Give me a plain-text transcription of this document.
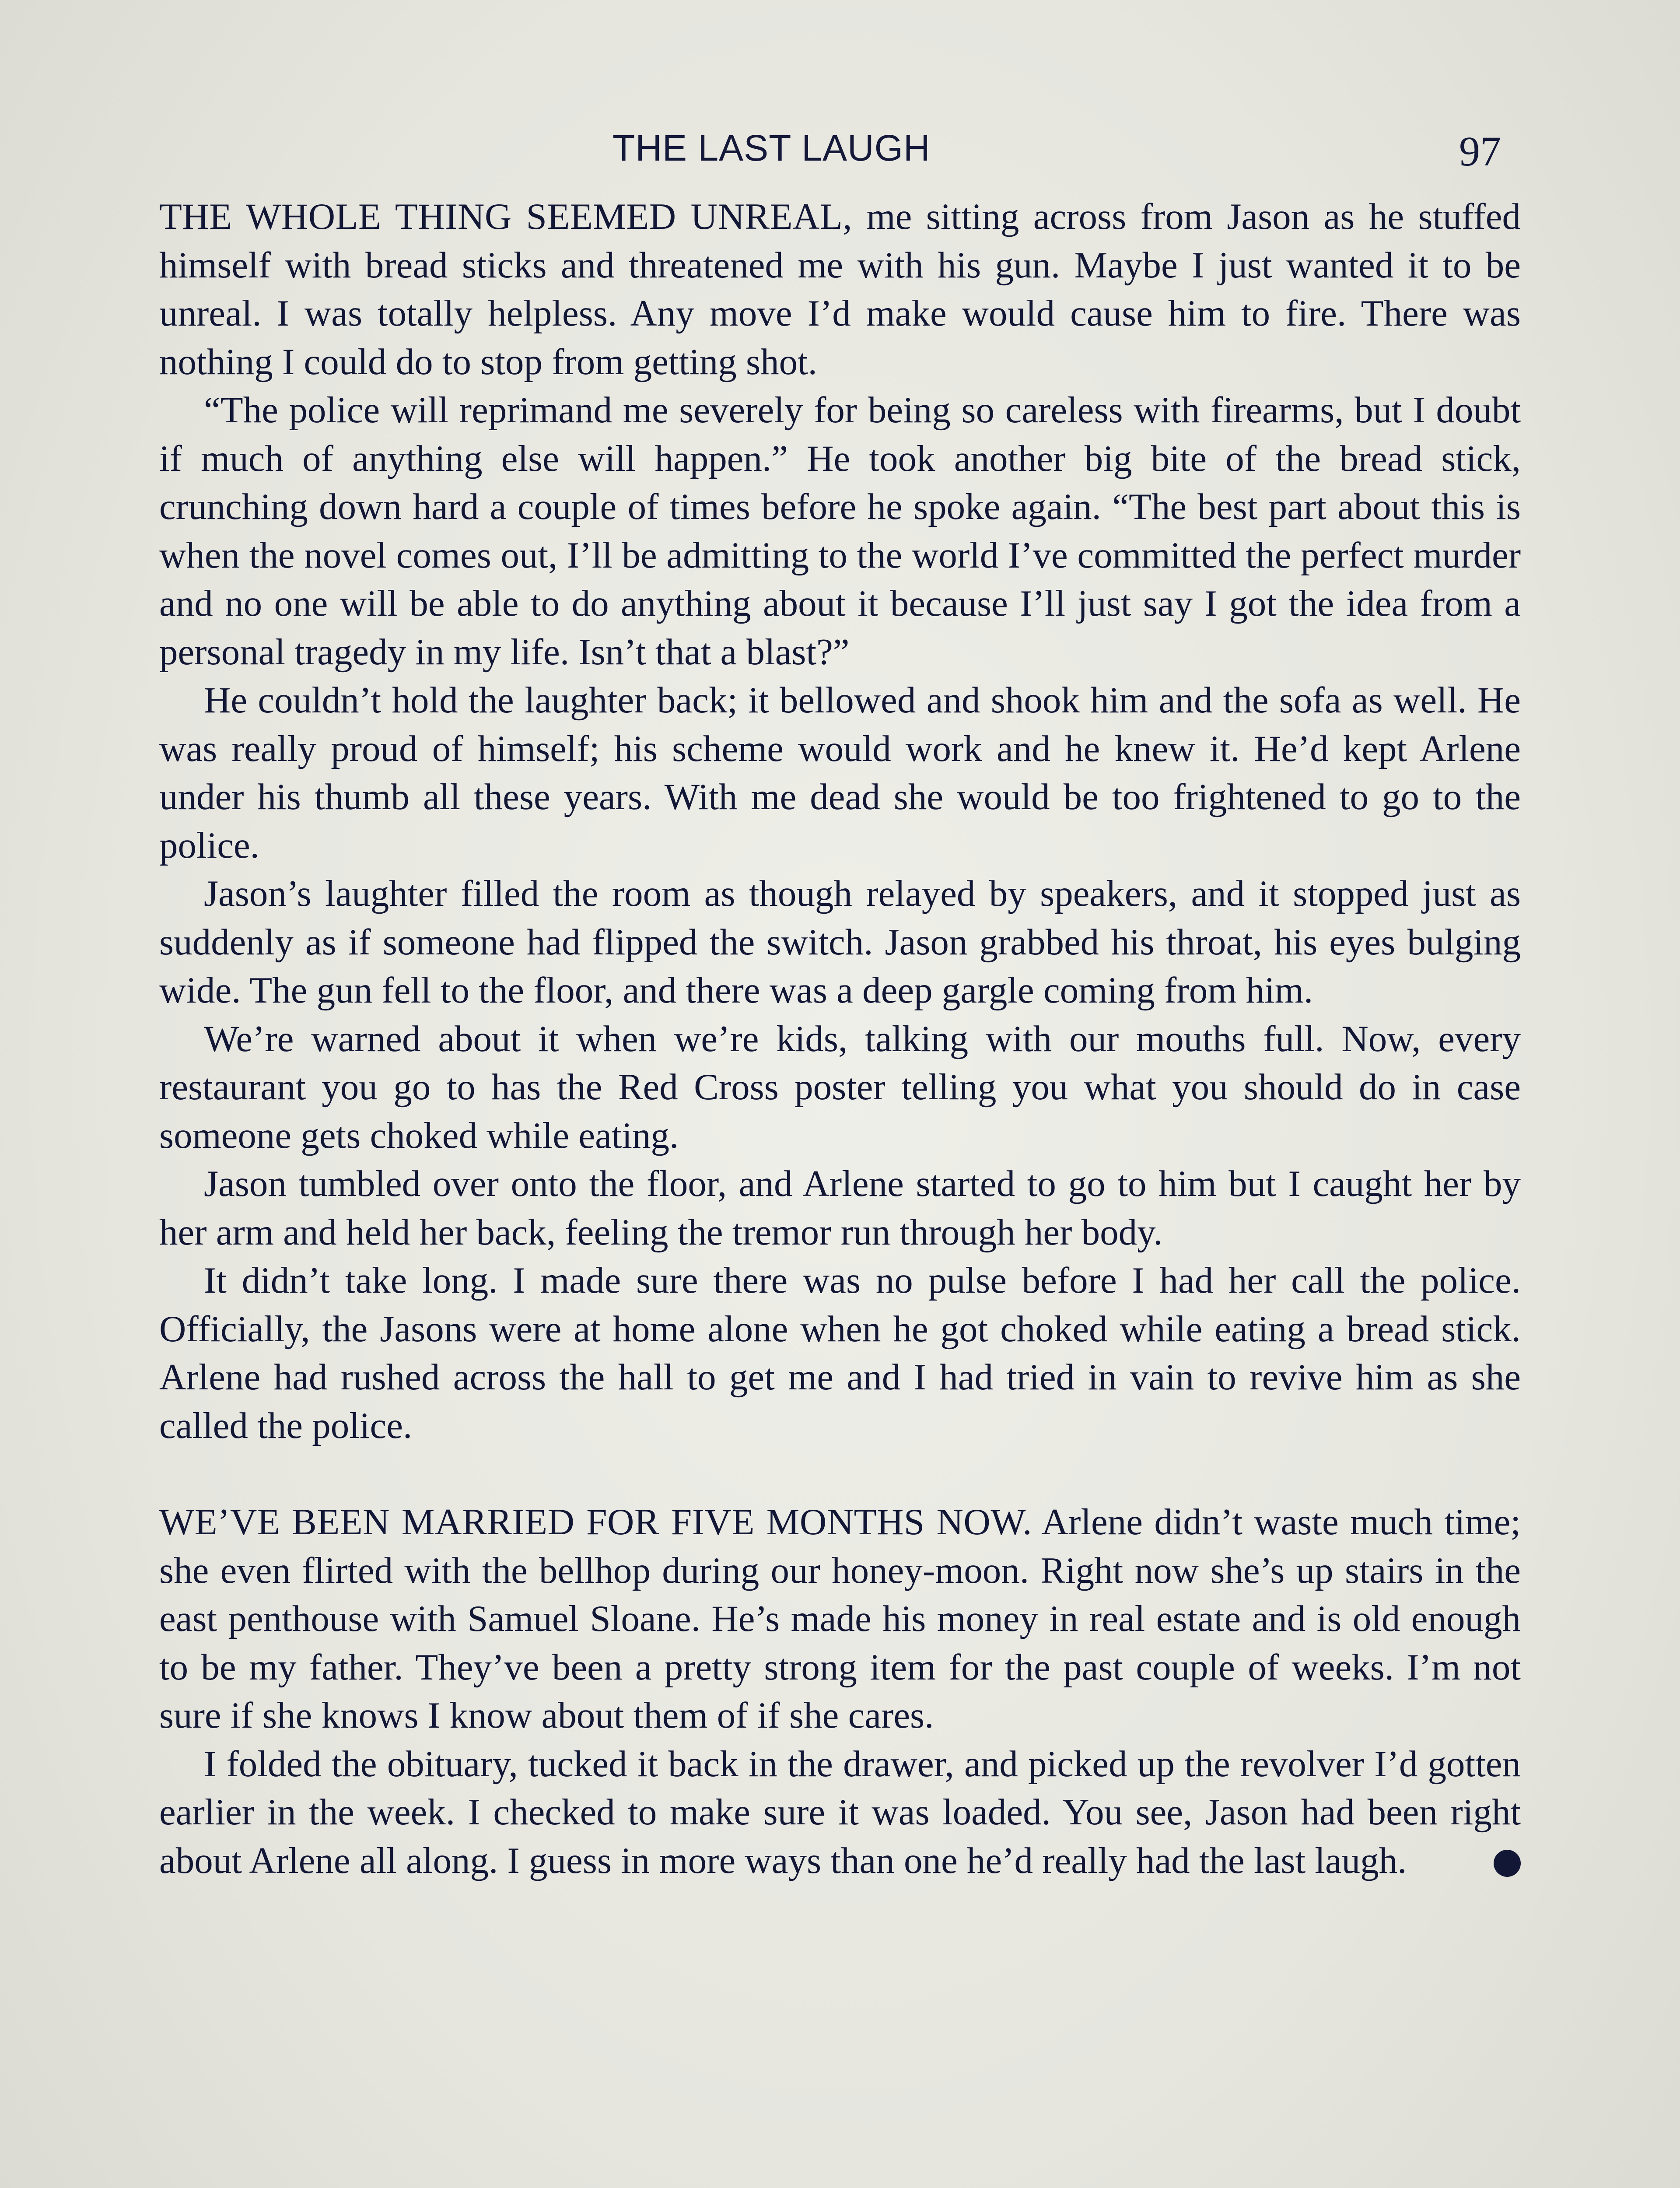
THE LAST LAUGH	97

THE WHOLE THING SEEMED UNREAL, me sitting across from Jason as he stuffed himself with bread sticks and threatened me with his gun. Maybe I just wanted it to be unreal. I was totally helpless. Any move I’d make would cause him to fire. There was nothing I could do to stop from getting shot.

“The police will reprimand me severely for being so careless with firearms, but I doubt if much of anything else will happen.” He took another big bite of the bread stick, crunching down hard a couple of times before he spoke again. “The best part about this is when the novel comes out, I’ll be admitting to the world I’ve committed the perfect murder and no one will be able to do anything about it because I’ll just say I got the idea from a personal tragedy in my life. Isn’t that a blast?”

He couldn’t hold the laughter back; it bellowed and shook him and the sofa as well. He was really proud of himself; his scheme would work and he knew it. He’d kept Arlene under his thumb all these years. With me dead she would be too frightened to go to the police.

Jason’s laughter filled the room as though relayed by speakers, and it stopped just as suddenly as if someone had flipped the switch. Jason grabbed his throat, his eyes bulging wide. The gun fell to the floor, and there was a deep gargle coming from him.

We’re warned about it when we’re kids, talking with our mouths full. Now, every restaurant you go to has the Red Cross poster telling you what you should do in case someone gets choked while eating.

Jason tumbled over onto the floor, and Arlene started to go to him but I caught her by her arm and held her back, feeling the tremor run through her body.

It didn’t take long. I made sure there was no pulse before I had her call the police. Officially, the Jasons were at home alone when he got choked while eating a bread stick. Arlene had rushed across the hall to get me and I had tried in vain to revive him as she called the police.

WE’VE BEEN MARRIED FOR FIVE MONTHS NOW. Arlene didn’t waste much time; she even flirted with the bellhop during our honey-moon. Right now she’s up stairs in the east penthouse with Samuel Sloane. He’s made his money in real estate and is old enough to be my father. They’ve been a pretty strong item for the past couple of weeks. I’m not sure if she knows I know about them of if she cares.

I folded the obituary, tucked it back in the drawer, and picked up the revolver I’d gotten earlier in the week. I checked to make sure it was loaded. You see, Jason had been right about Arlene all along. I guess in more ways than one he’d really had the last laugh.
